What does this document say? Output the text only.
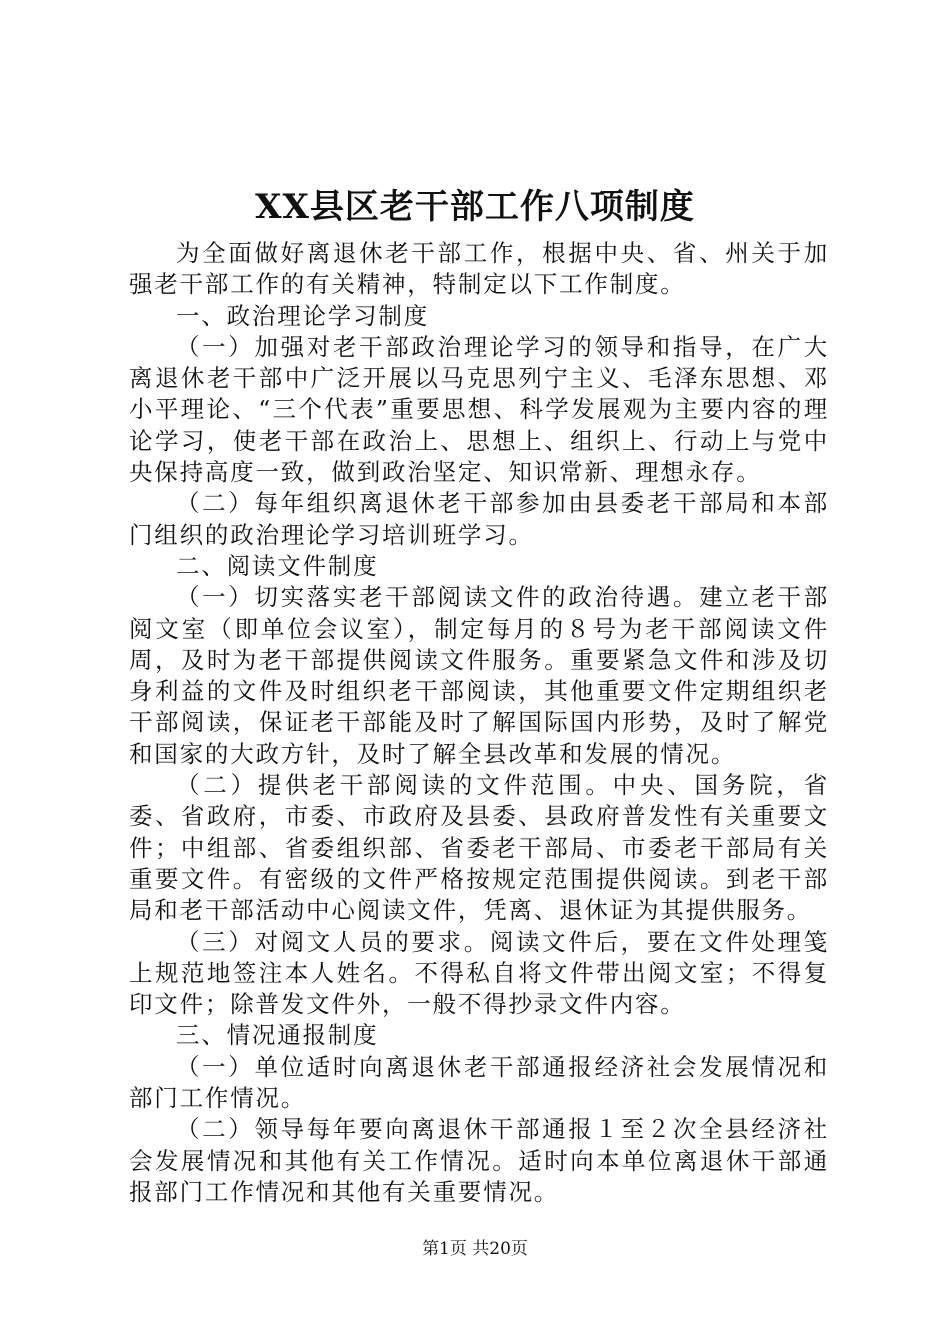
XX县区老干部工作八项制度

为全面做好离退休老干部工作，根据中央、省、州关于加强老干部工作的有关精神，特制定以下工作制度。

一、政治理论学习制度

（一）加强对老干部政治理论学习的领导和指导，在广大离退休老干部中广泛开展以马克思列宁主义、毛泽东思想、邓小平理论、“三个代表”重要思想、科学发展观为主要内容的理论学习，使老干部在政治上、思想上、组织上、行动上与党中央保持高度一致，做到政治坚定、知识常新、理想永存。

（二）每年组织离退休老干部参加由县委老干部局和本部门组织的政治理论学习培训班学习。

二、阅读文件制度

（一）切实落实老干部阅读文件的政治待遇。建立老干部阅文室（即单位会议室），制定每月的８号为老干部阅读文件周，及时为老干部提供阅读文件服务。重要紧急文件和涉及切身利益的文件及时组织老干部阅读，其他重要文件定期组织老干部阅读，保证老干部能及时了解国际国内形势，及时了解党和国家的大政方针，及时了解全县改革和发展的情况。

（二）提供老干部阅读的文件范围。中央、国务院，省委、省政府，市委、市政府及县委、县政府普发性有关重要文件；中组部、省委组织部、省委老干部局、市委老干部局有关重要文件。有密级的文件严格按规定范围提供阅读。到老干部局和老干部活动中心阅读文件，凭离、退休证为其提供服务。

（三）对阅文人员的要求。阅读文件后，要在文件处理笺上规范地签注本人姓名。不得私自将文件带出阅文室；不得复印文件；除普发文件外，一般不得抄录文件内容。

三、情况通报制度

（一）单位适时向离退休老干部通报经济社会发展情况和部门工作情况。

（二）领导每年要向离退休干部通报１至２次全县经济社会发展情况和其他有关工作情况。适时向本单位离退休干部通报部门工作情况和其他有关重要情况。

第1页 共20页
